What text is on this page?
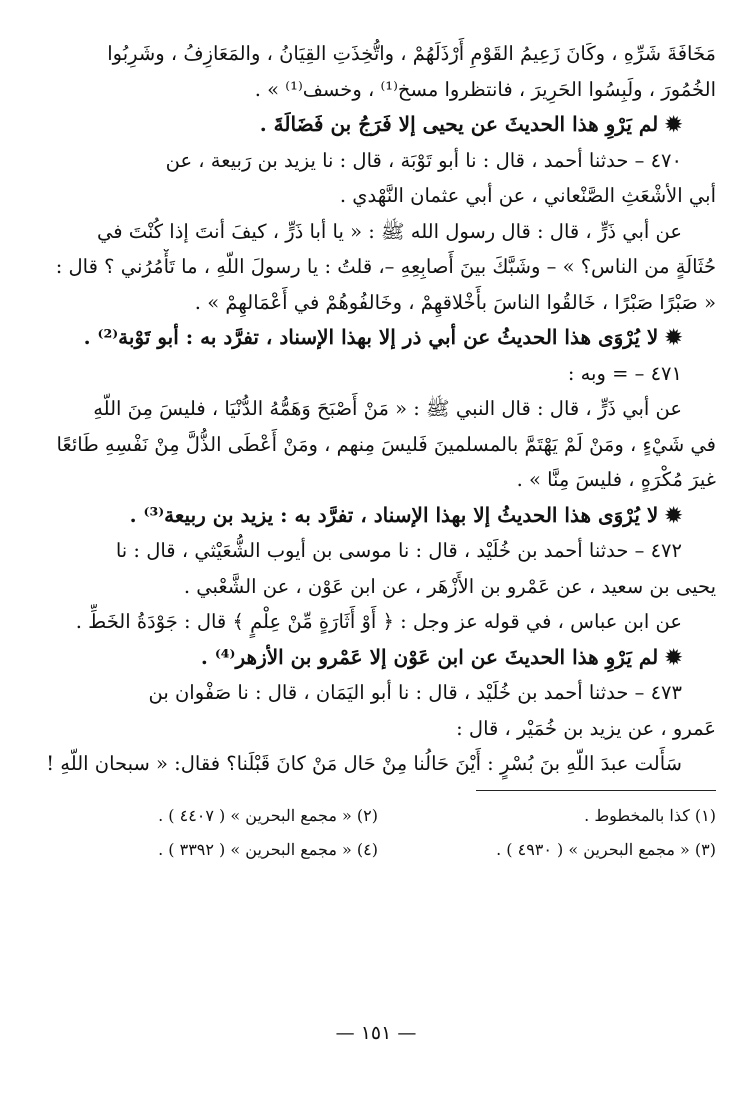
مَخَافَةَ شَرِّهِ ، وكَانَ زَعِيمُ القَوْمِ أَرْذَلَهُمْ ، واتُّخِذَتِ القِيَانُ ، والمَعَازِفُ ، وشَرِبُوا
الخُمُورَ ، ولَبِسُوا الحَرِيرَ ، فانتظروا مسخ⁽¹⁾ ، وخسف⁽¹⁾ » .
✹ لم يَرْوِ هذا الحديثَ عن يحيى إلا فَرَجُ بن فَضَالَةَ .
٤٧٠ – حدثنا أحمد ، قال : نا أبو تَوْبَة ، قال : نا يزيد بن رَبيعة ، عن
أبي الأشْعَثِ الصَّنْعاني ، عن أبي عثمان النَّهْدي .
عن أبي ذَرٍّ ، قال : قال رسول الله ﷺ : « يا أبا ذَرٍّ ، كيفَ أنتَ إذا كُنْتَ في
حُثَالَةٍ من الناس؟ » – وشَبَّكَ بينَ أَصابِعِهِ –، قلتُ : يا رسولَ اللّهِ ، ما تَأْمُرُني ؟ قال :
« صَبْرًا صَبْرًا ، خَالقُوا الناسَ بأَخْلاقهِمْ ، وخَالفُوهُمْ في أَعْمَالهِمْ » .
✹ لا يُرْوَى هذا الحديثُ عن أبي ذر إلا بهذا الإسناد ، تفرَّد به : أبو تَوْبة⁽²⁾ .
٤٧١ – = وبه :
عن أبي ذَرٍّ ، قال : قال النبي ﷺ : « مَنْ أَصْبَحَ وَهَمُّهُ الدُّنْيَا ، فليسَ مِنَ اللّهِ
في شَيْءٍ ، ومَنْ لَمْ يَهْتَمَّ بالمسلمينَ فَليسَ مِنهم ، ومَنْ أَعْطَى الذُّلَّ مِنْ نَفْسِهِ طَائعًا
غيرَ مُكْرَهٍ ، فليسَ مِنَّا » .
✹ لا يُرْوَى هذا الحديثُ إلا بهذا الإسناد ، تفرَّد به : يزيد بن ربيعة⁽³⁾ .
٤٧٢ – حدثنا أحمد بن خُلَيْد ، قال : نا موسى بن أيوب الشُّعَيْثي ، قال : نا
يحيى بن سعيد ، عن عَمْرو بن الأَزْهَر ، عن ابن عَوْن ، عن الشَّعْبي .
عن ابن عباس ، في قوله عز وجل : ﴿ أَوْ أَثَارَةٍ مِّنْ عِلْمٍ ﴾ قال : جَوْدَةُ الخَطِّ .
✹ لم يَرْوِ هذا الحديثَ عن ابن عَوْن إلا عَمْرو بن الأزهر⁽⁴⁾ .
٤٧٣ – حدثنا أحمد بن خُلَيْد ، قال : نا أبو اليَمَان ، قال : نا صَفْوان بن
عَمرو ، عن يزيد بن خُمَيْر ، قال :
سَأَلت عبدَ اللّهِ بنَ بُسْرٍ : أَيْنَ حَالُنا مِنْ حَال مَنْ كانَ قَبْلَنا؟ فقال: « سبحان اللّهِ !
(١) كذا بالمخطوط .
(٢) « مجمع البحرين » ( ٤٤٠٧ ) .
(٣) « مجمع البحرين » ( ٤٩٣٠ ) .
(٤) « مجمع البحرين » ( ٣٣٩٢ ) .
— ١٥١ —
